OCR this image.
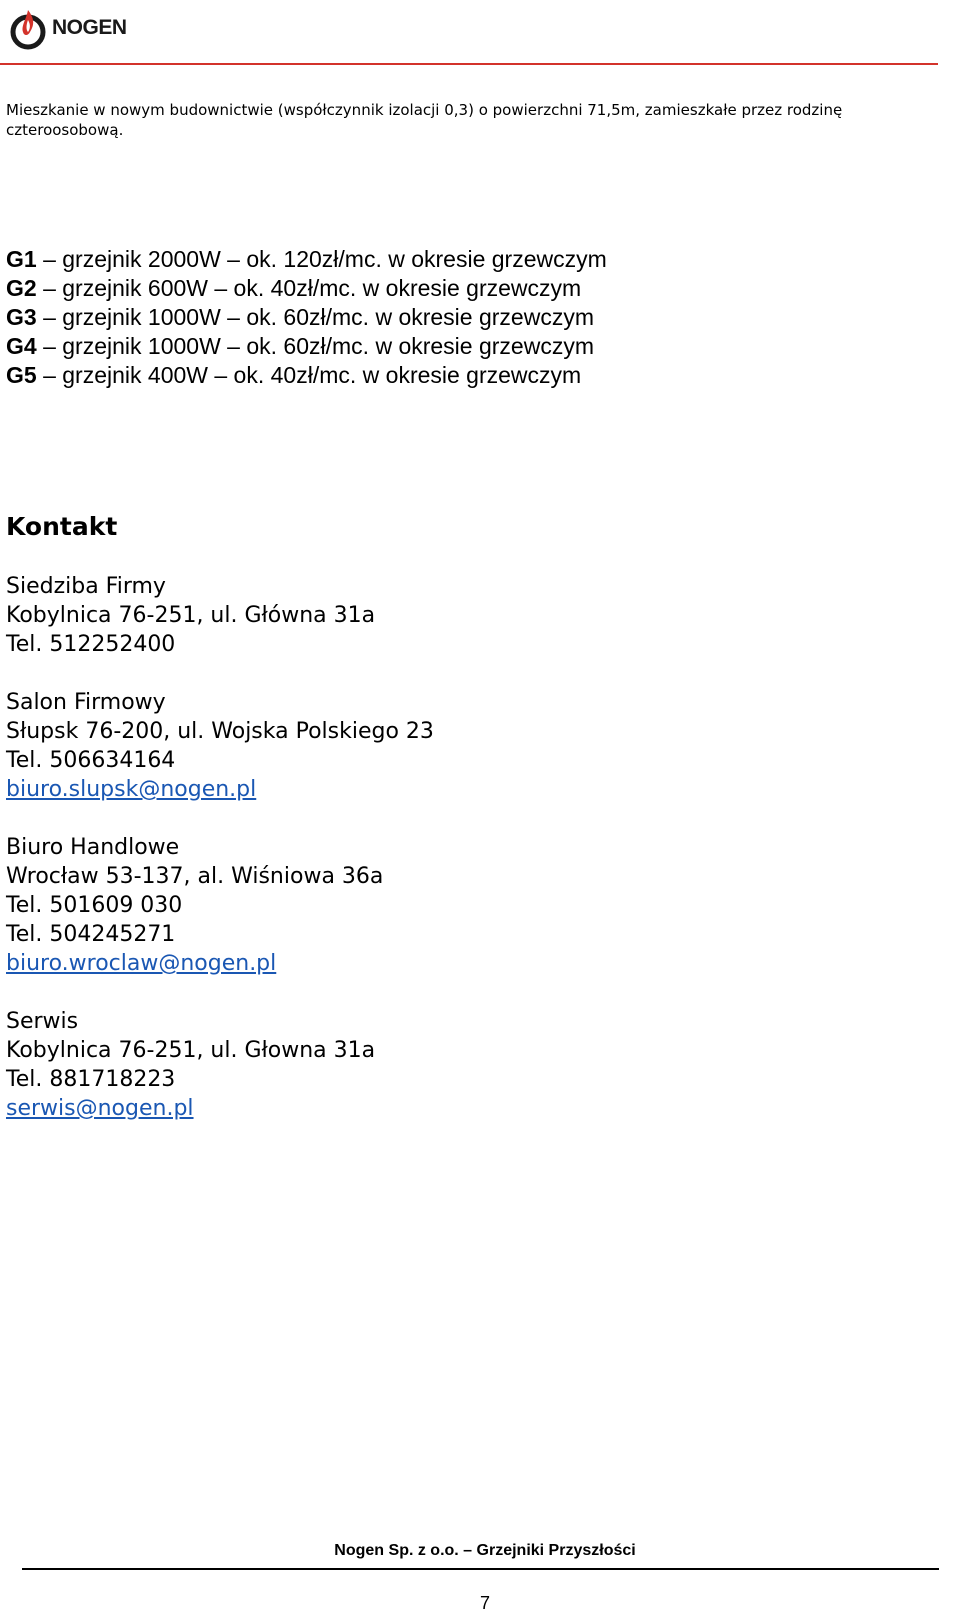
NOGEN
Mieszkanie w nowym budownictwie (współczynnik izolacji 0,3) o powierzchni 71,5m, zamieszkałe przez rodzinę czteroosobową.
G1 – grzejnik 2000W – ok. 120zł/mc. w okresie grzewczym
G2 – grzejnik 600W – ok. 40zł/mc. w okresie grzewczym
G3 – grzejnik 1000W – ok. 60zł/mc. w okresie grzewczym
G4 – grzejnik 1000W – ok. 60zł/mc. w okresie grzewczym
G5 – grzejnik 400W – ok. 40zł/mc. w okresie grzewczym
Kontakt
Siedziba Firmy
Kobylnica 76-251, ul. Główna 31a
Tel. 512252400
Salon Firmowy
Słupsk 76-200, ul. Wojska Polskiego 23
Tel. 506634164
biuro.slupsk@nogen.pl
Biuro Handlowe
Wrocław 53-137, al. Wiśniowa 36a
Tel. 501609 030
Tel. 504245271
biuro.wroclaw@nogen.pl
Serwis
Kobylnica 76-251, ul. Głowna 31a
Tel. 881718223
serwis@nogen.pl
Nogen Sp. z o.o. – Grzejniki Przyszłości
7
